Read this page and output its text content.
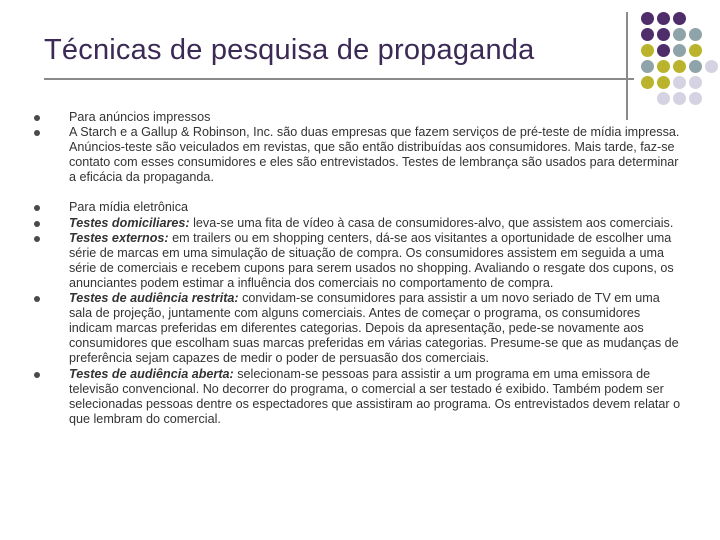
Técnicas de pesquisa de propaganda
Para anúncios impressos
A Starch e a Gallup & Robinson, Inc. são duas empresas que fazem serviços de pré-teste de mídia impressa. Anúncios-teste são veiculados em revistas, que são então distribuídas aos consumidores. Mais tarde, faz-se contato com esses consumidores e eles são entrevistados. Testes de lembrança são usados para determinar a eficácia da propaganda.
Para mídia eletrônica
Testes domiciliares: leva-se uma fita de vídeo à casa de consumidores-alvo, que assistem aos comerciais.
Testes externos: em trailers ou em shopping centers, dá-se aos visitantes a oportunidade de escolher uma série de marcas em uma simulação de situação de compra. Os consumidores assistem em seguida a uma série de comerciais e recebem cupons para serem usados no shopping. Avaliando o resgate dos cupons, os anunciantes podem estimar a influência dos comerciais no comportamento de compra.
Testes de audiência restrita: convidam-se consumidores para assistir a um novo seriado de TV em uma sala de projeção, juntamente com alguns comerciais. Antes de começar o programa, os consumidores indicam marcas preferidas em diferentes categorias. Depois da apresentação, pede-se novamente aos consumidores que escolham suas marcas preferidas em várias categorias. Presume-se que as mudanças de preferência sejam capazes de medir o poder de persuasão dos comerciais.
Testes de audiência aberta: selecionam-se pessoas para assistir a um programa em uma emissora de televisão convencional. No decorrer do programa, o comercial a ser testado é exibido. Também podem ser selecionadas pessoas dentre os espectadores que assistiram ao programa. Os entrevistados devem relatar o que lembram do comercial.
